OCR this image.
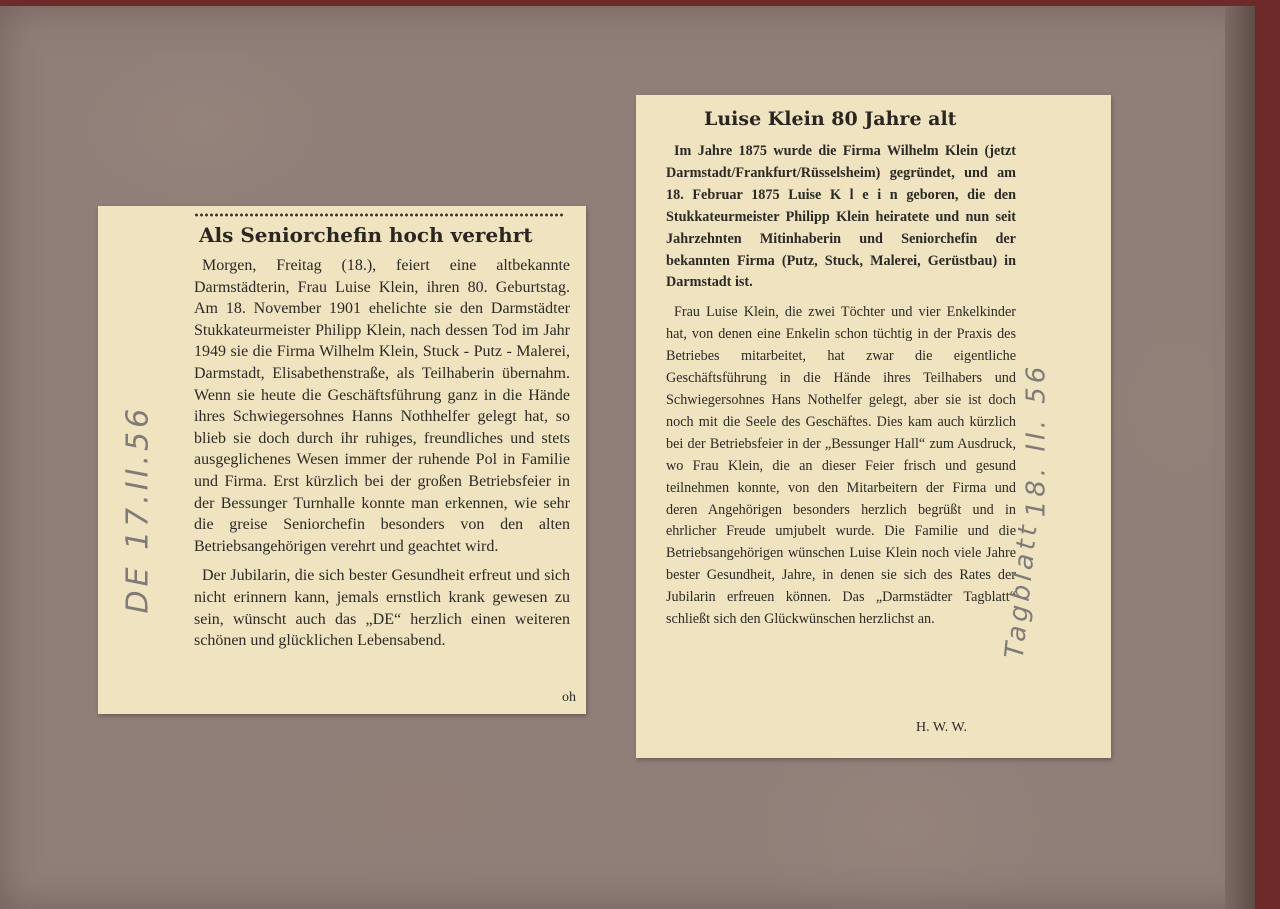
DE 17.II.56
Als Seniorchefin hoch verehrt

Morgen, Freitag (18.), feiert eine altbekannte Darmstädterin, Frau Luise Klein, ihren 80. Geburtstag. Am 18. November 1901 ehelichte sie den Darmstädter Stukkateurmeister Philipp Klein, nach dessen Tod im Jahr 1949 sie die Firma Wilhelm Klein, Stuck - Putz - Malerei, Darmstadt, Elisabethenstraße, als Teilhaberin übernahm. Wenn sie heute die Geschäftsführung ganz in die Hände ihres Schwiegersohnes Hanns Nothhelfer gelegt hat, so blieb sie doch durch ihr ruhiges, freundliches und stets ausgeglichenes Wesen immer der ruhende Pol in Familie und Firma. Erst kürzlich bei der großen Betriebsfeier in der Bessunger Turnhalle konnte man erkennen, wie sehr die greise Seniorchefin besonders von den alten Betriebsangehörigen verehrt und geachtet wird.

Der Jubilarin, die sich bester Gesundheit erfreut und sich nicht erinnern kann, jemals ernstlich krank gewesen zu sein, wünscht auch das „DE“ herzlich einen weiteren schönen und glücklichen Lebensabend.

oh
Luise Klein 80 Jahre alt

Im Jahre 1875 wurde die Firma Wilhelm Klein (jetzt Darmstadt/Frankfurt/Rüsselsheim) gegründet, und am 18. Februar 1875 Luise K l e i n geboren, die den Stukkateurmeister Philipp Klein heiratete und nun seit Jahrzehnten Mitinhaberin und Seniorchefin der bekannten Firma (Putz, Stuck, Malerei, Gerüstbau) in Darmstadt ist.

Frau Luise Klein, die zwei Töchter und vier Enkelkinder hat, von denen eine Enkelin schon tüchtig in der Praxis des Betriebes mitarbeitet, hat zwar die eigentliche Geschäftsführung in die Hände ihres Teilhabers und Schwiegersohnes Hans Nothelfer gelegt, aber sie ist doch noch mit die Seele des Geschäftes. Dies kam auch kürzlich bei der Betriebsfeier in der „Bessunger Hall“ zum Ausdruck, wo Frau Klein, die an dieser Feier frisch und gesund teilnehmen konnte, von den Mitarbeitern der Firma und deren Angehörigen besonders herzlich begrüßt und in ehrlicher Freude umjubelt wurde. Die Familie und die Betriebsangehörigen wünschen Luise Klein noch viele Jahre bester Gesundheit, Jahre, in denen sie sich des Rates der Jubilarin erfreuen können. Das „Darmstädter Tagblatt“ schließt sich den Glückwünschen herzlichst an.

H. W. W.
18. II. 56
Tagblatt
